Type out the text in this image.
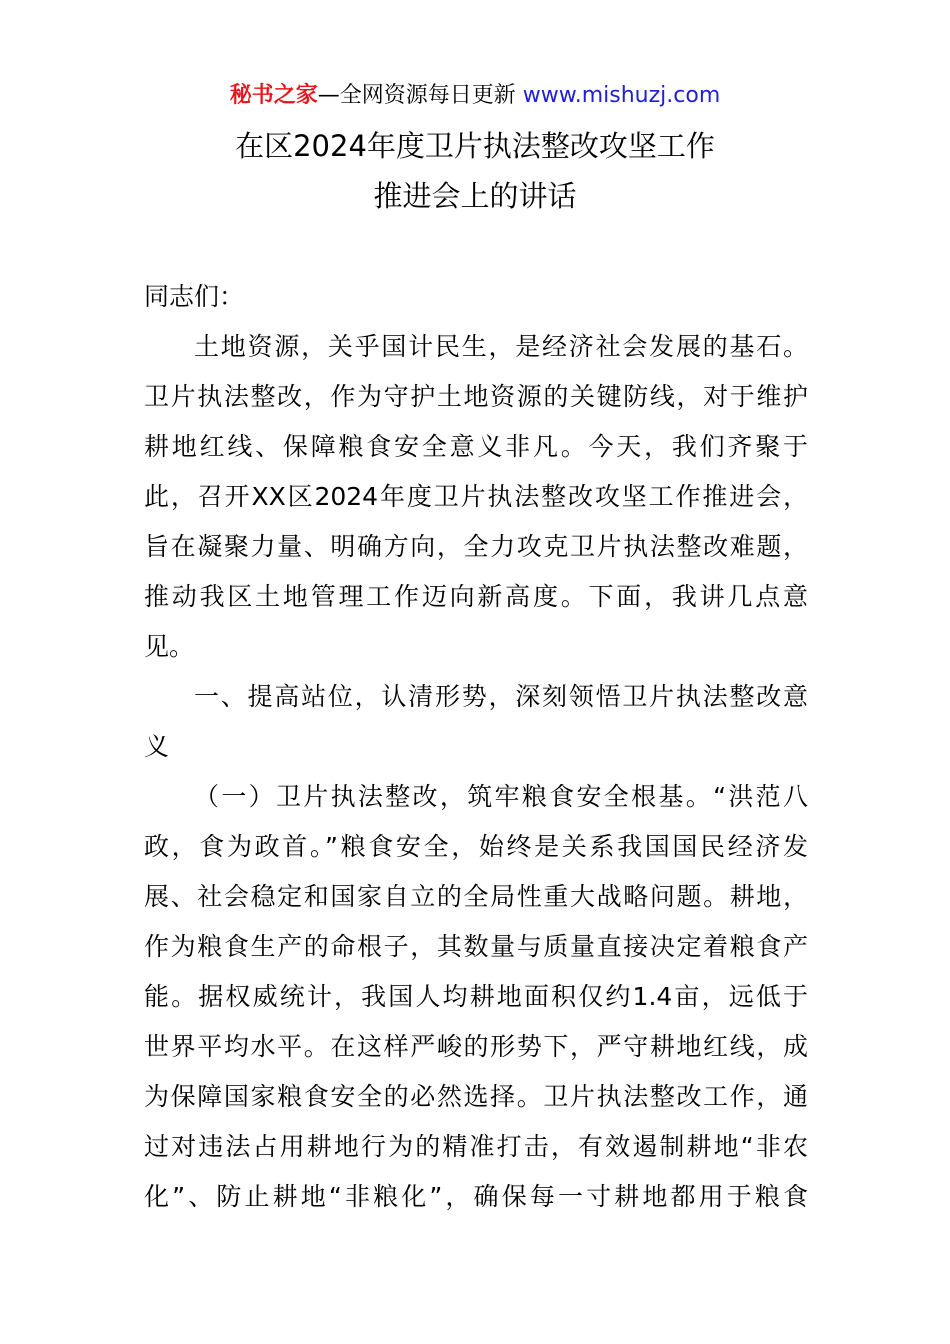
秘书之家—全网资源每日更新 www.mishuzj.com
在区2024年度卫片执法整改攻坚工作
推进会上的讲话
同志们：
土地资源，关乎国计民生，是经济社会发展的基石。
卫片执法整改，作为守护土地资源的关键防线，对于维护
耕地红线、保障粮食安全意义非凡。今天，我们齐聚于
此，召开XX区2024年度卫片执法整改攻坚工作推进会，
旨在凝聚力量、明确方向，全力攻克卫片执法整改难题，
推动我区土地管理工作迈向新高度。下面，我讲几点意
见。
一、提高站位，认清形势，深刻领悟卫片执法整改意
义
（一）卫片执法整改，筑牢粮食安全根基。“洪范八
政，食为政首。”粮食安全，始终是关系我国国民经济发
展、社会稳定和国家自立的全局性重大战略问题。耕地，
作为粮食生产的命根子，其数量与质量直接决定着粮食产
能。据权威统计，我国人均耕地面积仅约1.4亩，远低于
世界平均水平。在这样严峻的形势下，严守耕地红线，成
为保障国家粮食安全的必然选择。卫片执法整改工作，通
过对违法占用耕地行为的精准打击，有效遏制耕地“非农
化”、防止耕地“非粮化”，确保每一寸耕地都用于粮食
